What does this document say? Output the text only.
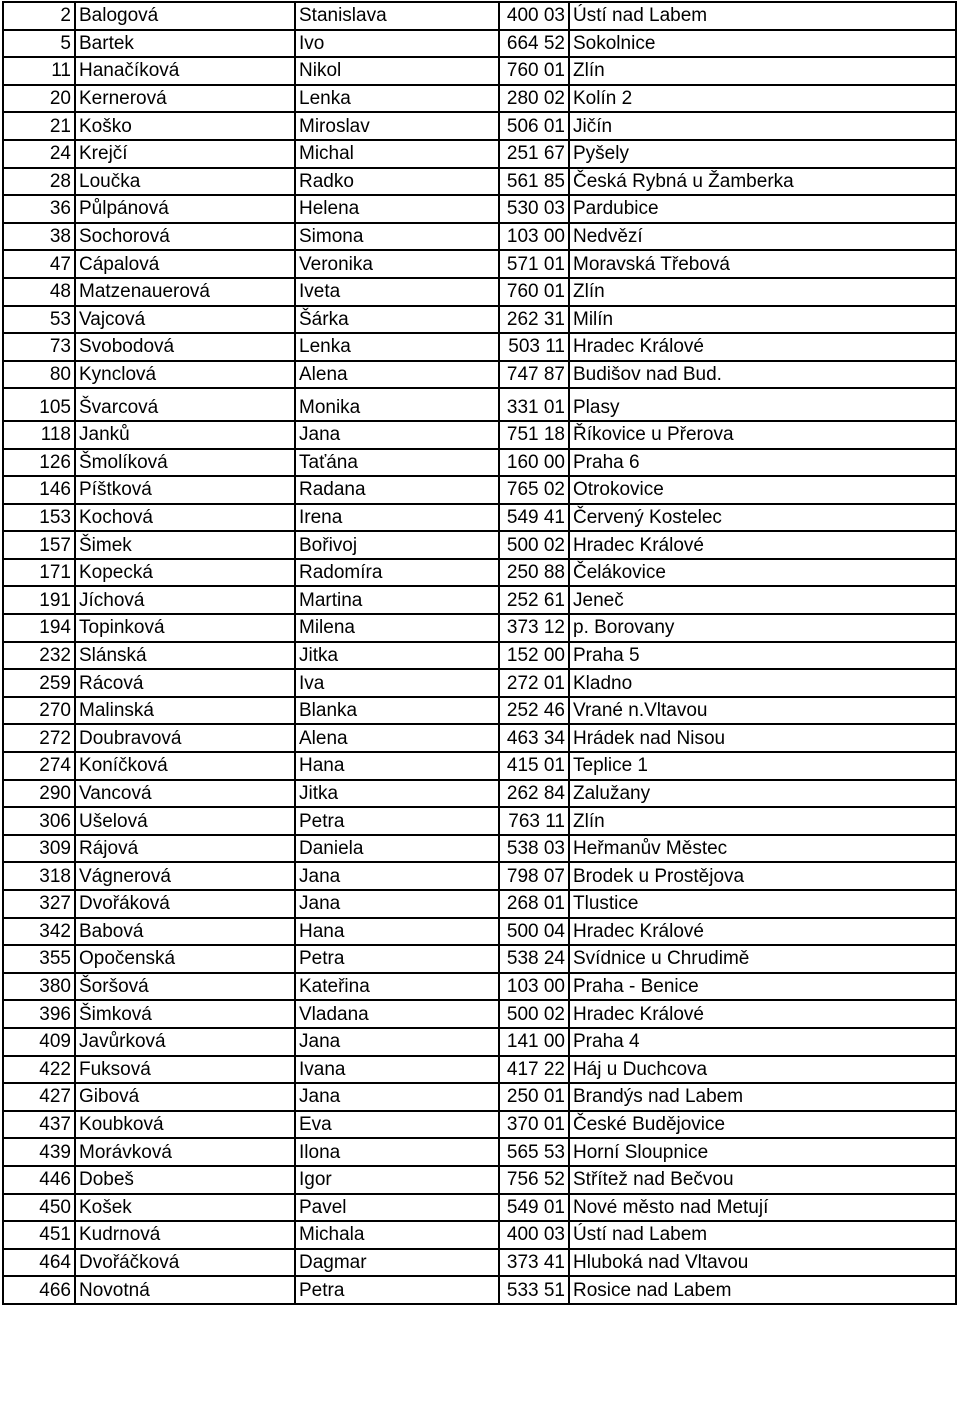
2	Balogová	Stanislava	400 03	Ústí nad Labem
5	Bartek	Ivo	664 52	Sokolnice
11	Hanačíková	Nikol	760 01	Zlín
20	Kernerová	Lenka	280 02	Kolín 2
21	Koško	Miroslav	506 01	Jičín
24	Krejčí	Michal	251 67	Pyšely
28	Loučka	Radko	561 85	Česká Rybná u Žamberka
36	Půlpánová	Helena	530 03	Pardubice
38	Sochorová	Simona	103 00	Nedvězí
47	Cápalová	Veronika	571 01	Moravská Třebová
48	Matzenauerová	Iveta	760 01	Zlín
53	Vajcová	Šárka	262 31	Milín
73	Svobodová	Lenka	503 11	Hradec Králové
80	Kynclová	Alena	747 87	Budišov nad Bud.
105	Švarcová	Monika	331 01	Plasy
118	Janků	Jana	751 18	Říkovice u Přerova
126	Šmolíková	Taťána	160 00	Praha 6
146	Píštková	Radana	765 02	Otrokovice
153	Kochová	Irena	549 41	Červený Kostelec
157	Šimek	Bořivoj	500 02	Hradec Králové
171	Kopecká	Radomíra	250 88	Čelákovice
191	Jíchová	Martina	252 61	Jeneč
194	Topinková	Milena	373 12	p. Borovany
232	Slánská	Jitka	152 00	Praha 5
259	Rácová	Iva	272 01	Kladno
270	Malinská	Blanka	252 46	Vrané n.Vltavou
272	Doubravová	Alena	463 34	Hrádek nad Nisou
274	Koníčková	Hana	415 01	Teplice 1
290	Vancová	Jitka	262 84	Zalužany
306	Ušelová	Petra	763 11	Zlín
309	Rájová	Daniela	538 03	Heřmanův Městec
318	Vágnerová	Jana	798 07	Brodek u Prostějova
327	Dvořáková	Jana	268 01	Tlustice
342	Babová	Hana	500 04	Hradec Králové
355	Opočenská	Petra	538 24	Svídnice u Chrudimě
380	Šoršová	Kateřina	103 00	Praha - Benice
396	Šimková	Vladana	500 02	Hradec Králové
409	Javůrková	Jana	141 00	Praha 4
422	Fuksová	Ivana	417 22	Háj u Duchcova
427	Gibová	Jana	250 01	Brandýs nad Labem
437	Koubková	Eva	370 01	České Budějovice
439	Morávková	Ilona	565 53	Horní Sloupnice
446	Dobeš	Igor	756 52	Střítež nad Bečvou
450	Košek	Pavel	549 01	Nové město nad Metují
451	Kudrnová	Michala	400 03	Ústí nad Labem
464	Dvořáčková	Dagmar	373 41	Hluboká nad Vltavou
466	Novotná	Petra	533 51	Rosice nad Labem
